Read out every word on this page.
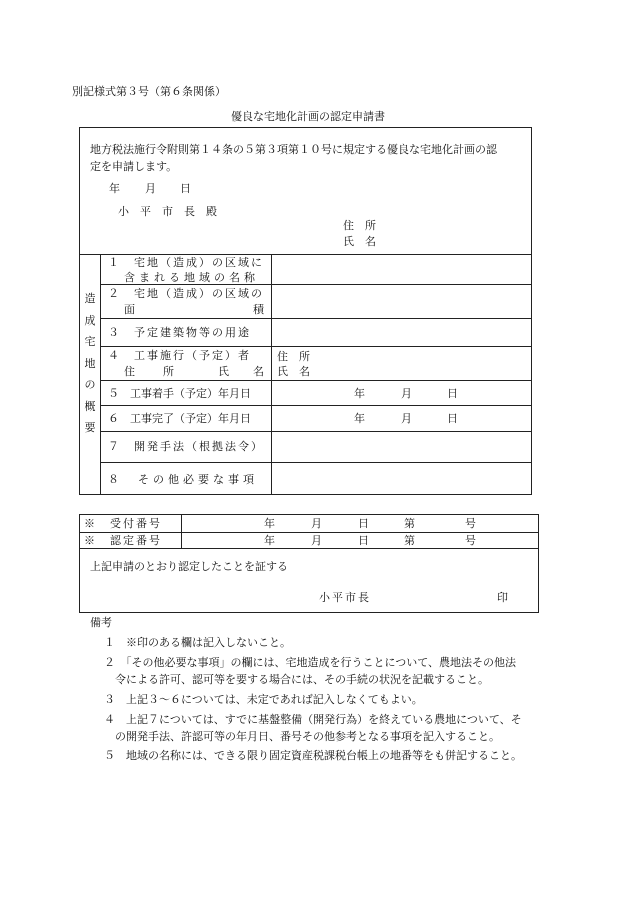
別記様式第３号（第６条関係）
優良な宅地化計画の認定申請書
地方税法施行令附則第１４条の５第３項第１０号に規定する優良な宅地化計画の認
定を申請します。
年 月 日
小　平　市　長　殿
住　所
氏　名
造
成
宅
地
の
概
要
１　宅地（造成）の区域に
含まれる地域の名称
２　宅地（造成）の区域の
面	積
３　予定建築物等の用途
４　工事施行（予定）者
住	所	氏 名
住　所
氏　名
５　工事着手（予定）年月日	年	月	日
６　工事完了（予定）年月日	年	月	日
７　開発手法（根拠法令）
８　その他必要な事項
※　受付番号	年	月	日	第	号
※　認定番号	年	月	日	第	号
上記申請のとおり認定したことを証する
小平市長	印
備考
１　※印のある欄は記入しないこと。
２　「その他必要な事項」の欄には、宅地造成を行うことについて、農地法その他法
令による許可、認可等を要する場合には、その手続の状況を記載すること。
３　上記３～６については、未定であれば記入しなくてもよい。
４　上記７については、すでに基盤整備（開発行為）を終えている農地について、そ
の開発手法、許認可等の年月日、番号その他参考となる事項を記入すること。
５　地域の名称には、できる限り固定資産税課税台帳上の地番等をも併記すること。
